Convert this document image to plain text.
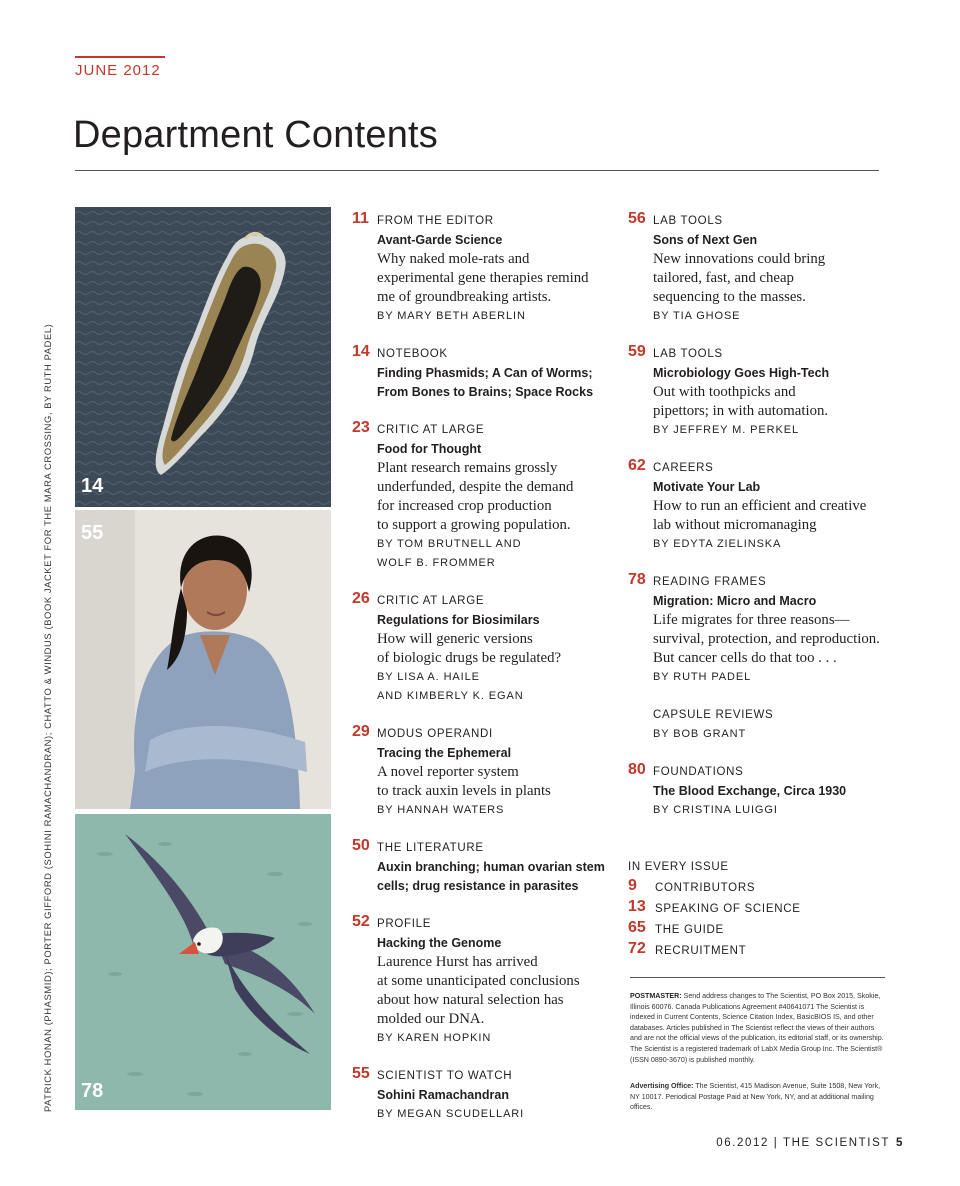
JUNE 2012
Department Contents
PATRICK HONAN (PHASMID); PORTER GIFFORD (SOHINI RAMACHANDRAN); CHATTO & WINDUS (BOOK JACKET FOR THE MARA CROSSING, BY RUTH PADEL) 14
55
78
11 FROM THE EDITOR
Avant-Garde Science
Why naked mole-rats and
experimental gene therapies remind
me of groundbreaking artists.
BY MARY BETH ABERLIN
14 NOTEBOOK
Finding Phasmids; A Can of Worms;
From Bones to Brains; Space Rocks
23 CRITIC AT LARGE
Food for Thought
Plant research remains grossly
underfunded, despite the demand
for increased crop production
to support a growing population.
BY TOM BRUTNELL AND
WOLF B. FROMMER
26 CRITIC AT LARGE
Regulations for Biosimilars
How will generic versions
of biologic drugs be regulated?
BY LISA A. HAILE
AND KIMBERLY K. EGAN
29 MODUS OPERANDI
Tracing the Ephemeral
A novel reporter system
to track auxin levels in plants
BY HANNAH WATERS
50 THE LITERATURE
Auxin branching; human ovarian stem
cells; drug resistance in parasites
52 PROFILE
Hacking the Genome
Laurence Hurst has arrived
at some unanticipated conclusions
about how natural selection has
molded our DNA.
BY KAREN HOPKIN
55 SCIENTIST TO WATCH
Sohini Ramachandran
BY MEGAN SCUDELLARI
56 LAB TOOLS
Sons of Next Gen
New innovations could bring
tailored, fast, and cheap
sequencing to the masses.
BY TIA GHOSE
59 LAB TOOLS
Microbiology Goes High-Tech
Out with toothpicks and
pipettors; in with automation.
BY JEFFREY M. PERKEL
62 CAREERS
Motivate Your Lab
How to run an efficient and creative
lab without micromanaging
BY EDYTA ZIELINSKA
78 READING FRAMES
Migration: Micro and Macro
Life migrates for three reasons—
survival, protection, and reproduction.
But cancer cells do that too . . .
BY RUTH PADEL
CAPSULE REVIEWS
BY BOB GRANT
80 FOUNDATIONS
The Blood Exchange, Circa 1930
BY CRISTINA LUIGGI
IN EVERY ISSUE
9 CONTRIBUTORS
13 SPEAKING OF SCIENCE
65 THE GUIDE
72 RECRUITMENT
POSTMASTER: Send address changes to The Scientist, PO Box 2015, Skokie, Illinois 60076. Canada Publications Agreement #40641071 The Scientist is indexed in Current Contents, Science Citation Index, BasicBIOS IS, and other databases. Articles published in The Scientist reflect the views of their authors and are not the official views of the publication, its editorial staff, or its ownership. The Scientist is a registered trademark of LabX Media Group Inc. The Scientist® (ISSN 0890-3670) is published monthly.
Advertising Office: The Scientist, 415 Madison Avenue, Suite 1508, New York, NY 10017. Periodical Postage Paid at New York, NY, and at additional mailing offices.
06.2012 | THE SCIENTIST 5
